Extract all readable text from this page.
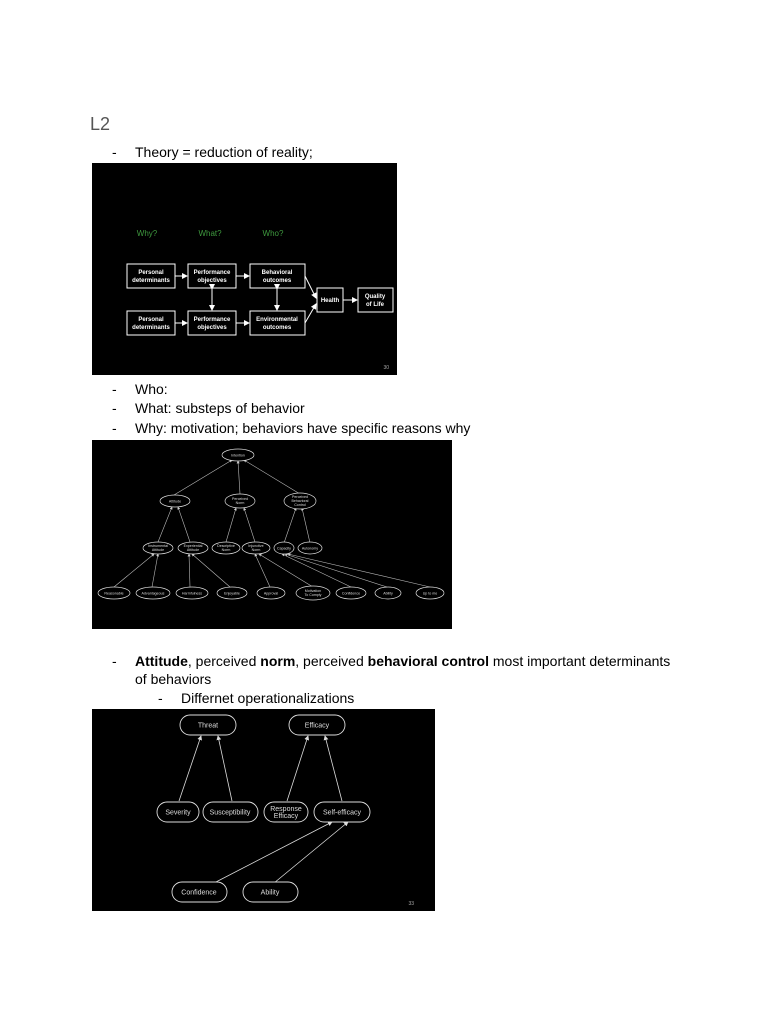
L2
- Theory = reduction of reality;
Why?	What?	Who?
Personal
determinants
Performance
objectives
Behavioral
outcomes
Personal
determinants
Performance
objectives
Environmental
outcomes
Health
Quality
of Life
30
- Who:
- What: substeps of behavior
- Why: motivation; behaviors have specific reasons why
Intention
Attitude
Perceived
Norm
Perceived
Behavioral
Control
Instrumental
Attitude
Experiential
Attitude
Descriptive
Norm
Injunctive
Norm	Capacity	Autonomy
Reasonable	Advantageous	Harmfulness	Enjoyable	Approval
Motivation
To Comply	Confidence	Ability	Up to me
- Attitude, perceived norm, perceived behavioral control most important determinants
of behaviors
- Differnet operationalizations
Threat	Efficacy
Severity	Susceptibility	Response
Efficacy	Self-efficacy
Confidence	Ability
33
